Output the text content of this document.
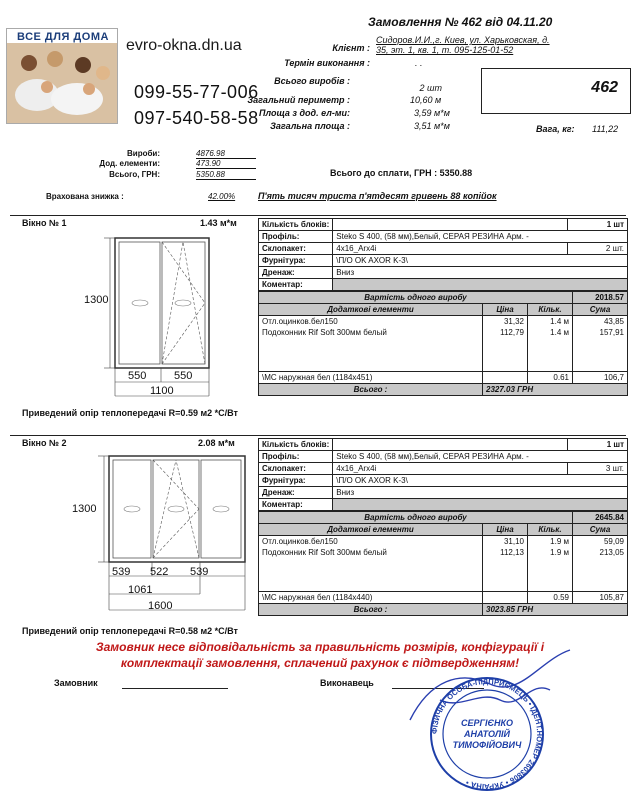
ВСЕ ДЛЯ ДОМА	evro-okna.dn.ua
099-55-77-006
097-540-58-58
Замовлення № 462 від 04.11.20
Клієнт :
Сидоров.И.И.,г. Киев, ул. Харьковская, д.
35, эт. 1, кв. 1, т. 095-125-01-52
Термін виконання :	. .
462
Всього виробів :
2 шт
Загальний периметр :	10,60 м
Площа з дод. ел-ми:	3,59 м*м
Загальна площа :	3,51 м*м	Вага, кг: 111,22
Вироби:	4876.98
Дод. елементи:	473.90
Всього, ГРН:	5350.88	Всього до сплати, ГРН : 5350.88
Врахована знижка :	42.00%	П'ять тисяч триста п'ятдесят гривень 88 копійок
Вікно № 1	1.43 м*м
1300
550	550
1100
Приведений опір теплопередачі R=0.59 м2 *С/Вт
Кількість блоків:		1 шт
Профіль:	Steko S 400, (58 мм),Белый, СЕРАЯ РЕЗИНА Арм. -	
Склопакет:	4x16_Arx4i	2 шт.
Фурнітура:	\П/О OK AXOR K-3\	
Дренаж:	Вниз	
Коментар:		
Вартість одного виробу			2018.57
Додаткові елементи	Ціна	Кільк.	Сума
Отл.оцинков.бел150	31,32	1.4 м	43,85
Подоконник Rif Soft 300мм белый	112,79	1.4 м	157,91
\МС наружная бел (1184x451)		0.61	106,7
Всього :	2327.03 ГРН		
Вікно № 2	2.08 м*м
1300
539 522 539
1061
1600
Приведений опір теплопередачі R=0.58 м2 *С/Вт
Кількість блоків:		1 шт
Профіль:	Steko S 400, (58 мм),Белый, СЕРАЯ РЕЗИНА Арм. -	
Склопакет:	4x16_Arx4i	3 шт.
Фурнітура:	\П/О OK AXOR K-3\	
Дренаж:	Вниз	
Коментар:		
Вартість одного виробу			2645.84
Додаткові елементи	Ціна	Кільк.	Сума
Отл.оцинков.бел150	31,10	1.9 м	59,09
Подоконник Rif Soft 300мм белый	112,13	1.9 м	213,05
\МС наружная бел (1184x440)		0.59	105,87
Всього :	3023.85 ГРН		
Замовник несе відповідальність за правильність розмірів, конфігурації і
комплектації замовлення, сплачений рахунок є підтвердженням!
Замовник	Виконавець
ФІЗИЧНА ОСОБА-ПІДПРИЄМЕЦЬ • ІДЕНТ.НОМЕР 2603806 • УКРАЇНА •
СЕРГІЄНКО
АНАТОЛІЙ
ТИМОФІЙОВИЧ
